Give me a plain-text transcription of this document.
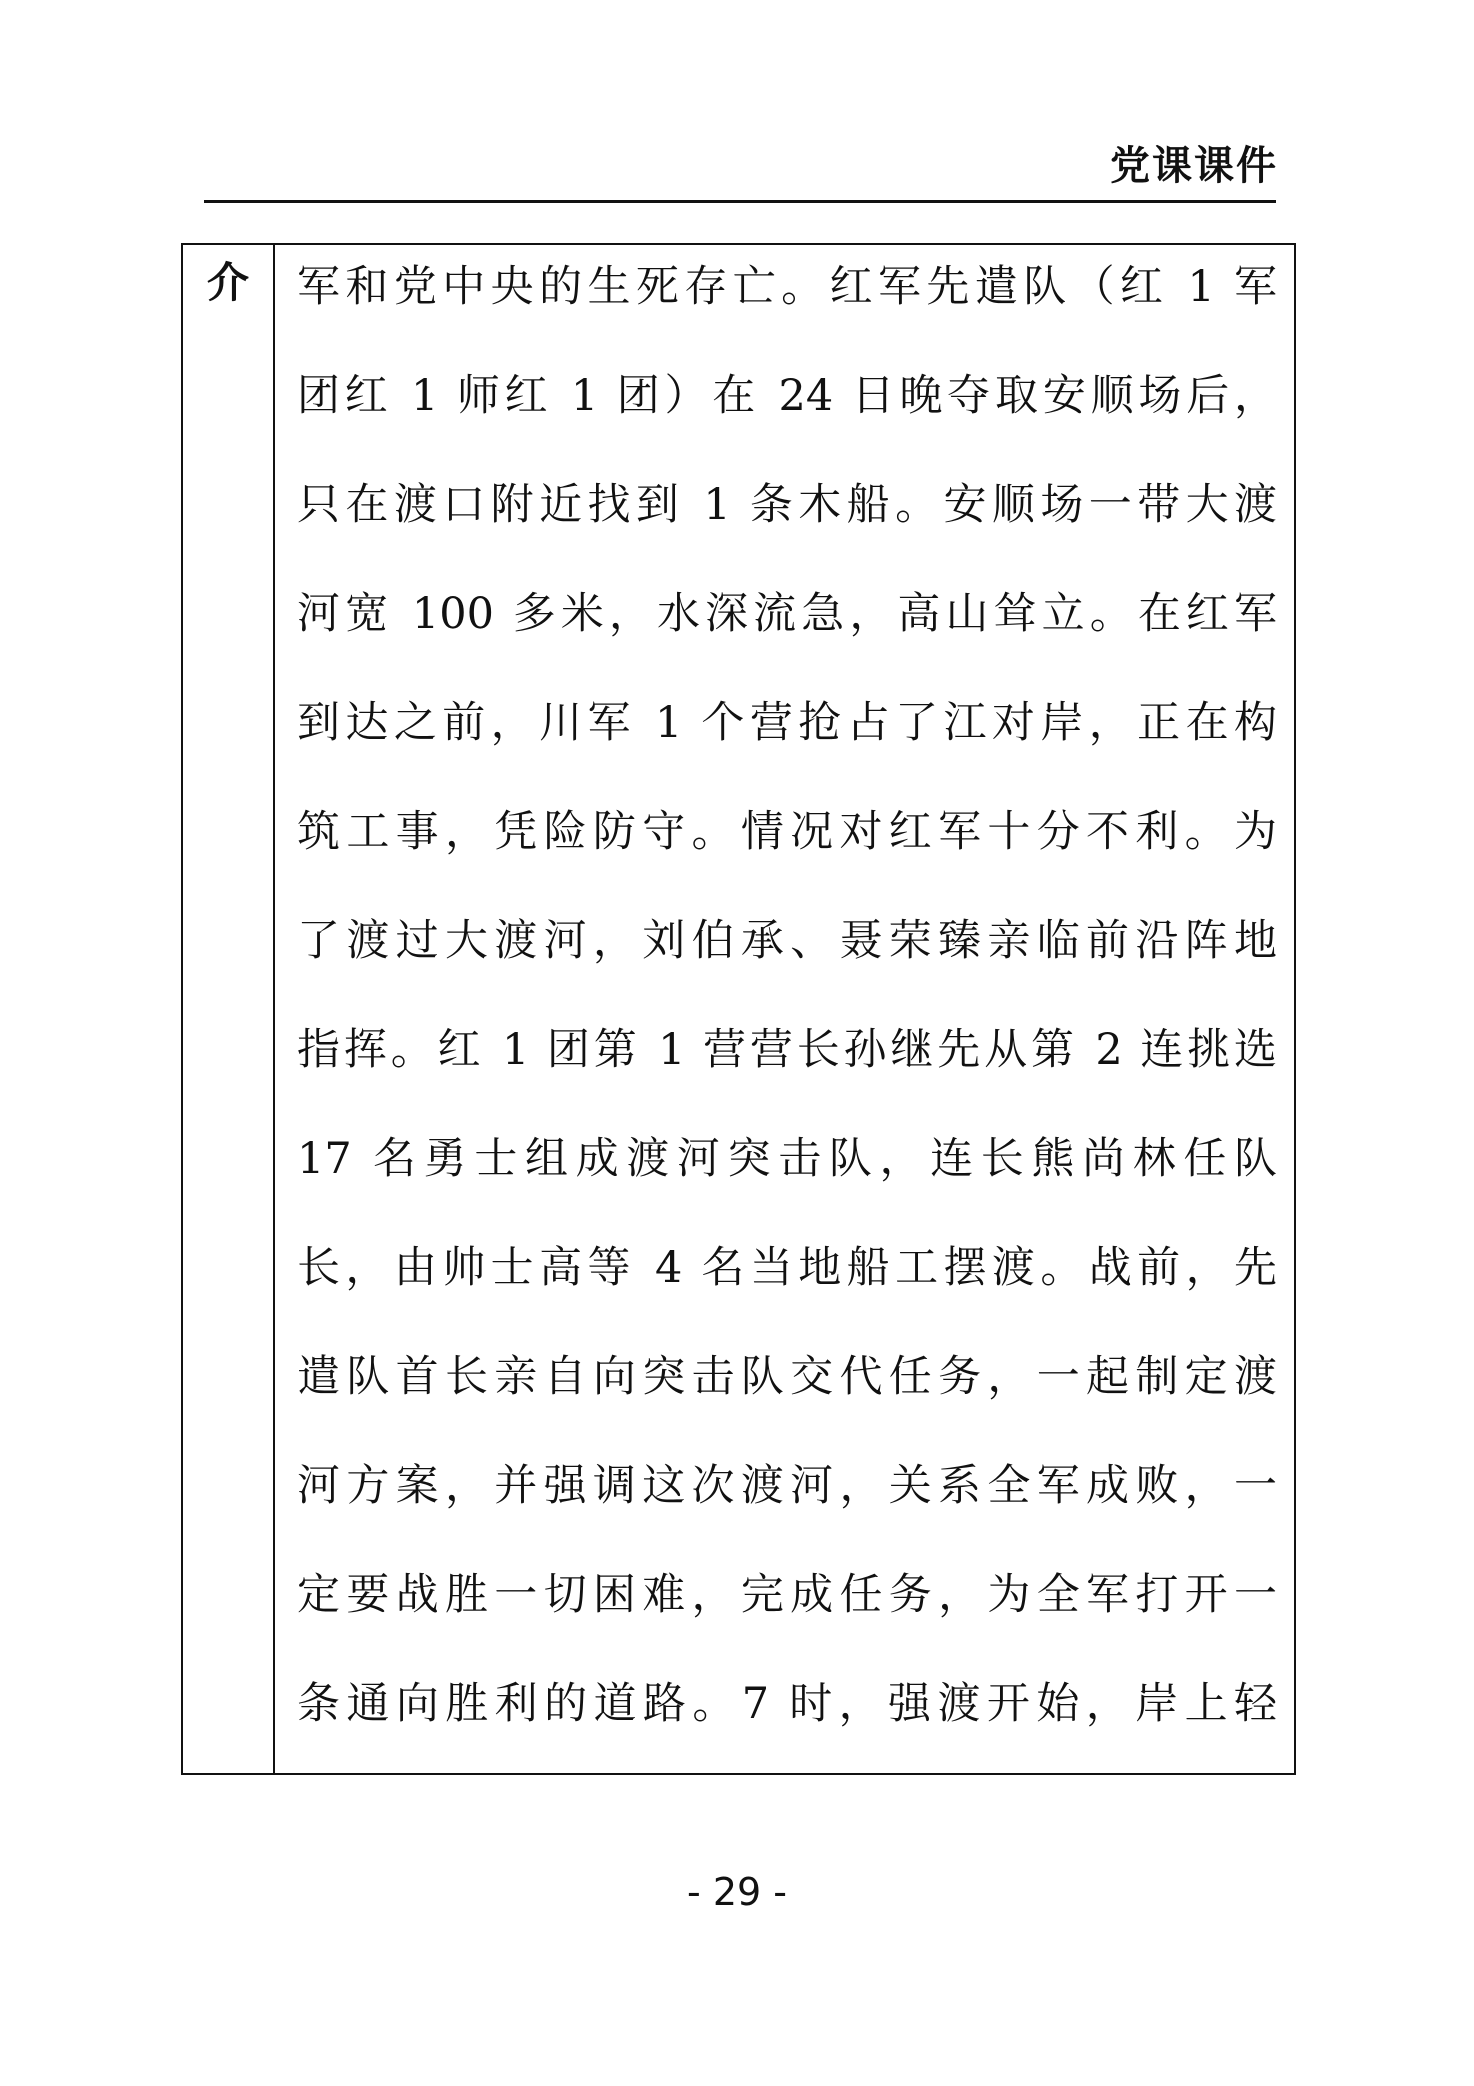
党课课件
介	军和党中央的生死存亡。红军先遣队（红 1 军
团红 1 师红 1 团）在 24 日晚夺取安顺场后，
只在渡口附近找到 1 条木船。安顺场一带大渡
河宽 100 多米，水深流急，高山耸立。在红军
到达之前，川军 1 个营抢占了江对岸，正在构
筑工事，凭险防守。情况对红军十分不利。为
了渡过大渡河，刘伯承、聂荣臻亲临前沿阵地
指挥。红 1 团第 1 营营长孙继先从第 2 连挑选
17 名勇士组成渡河突击队，连长熊尚林任队
长，由帅士高等 4 名当地船工摆渡。战前，先
遣队首长亲自向突击队交代任务，一起制定渡
河方案，并强调这次渡河，关系全军成败，一
定要战胜一切困难，完成任务，为全军打开一
条通向胜利的道路。7 时，强渡开始，岸上轻
- 29 -
